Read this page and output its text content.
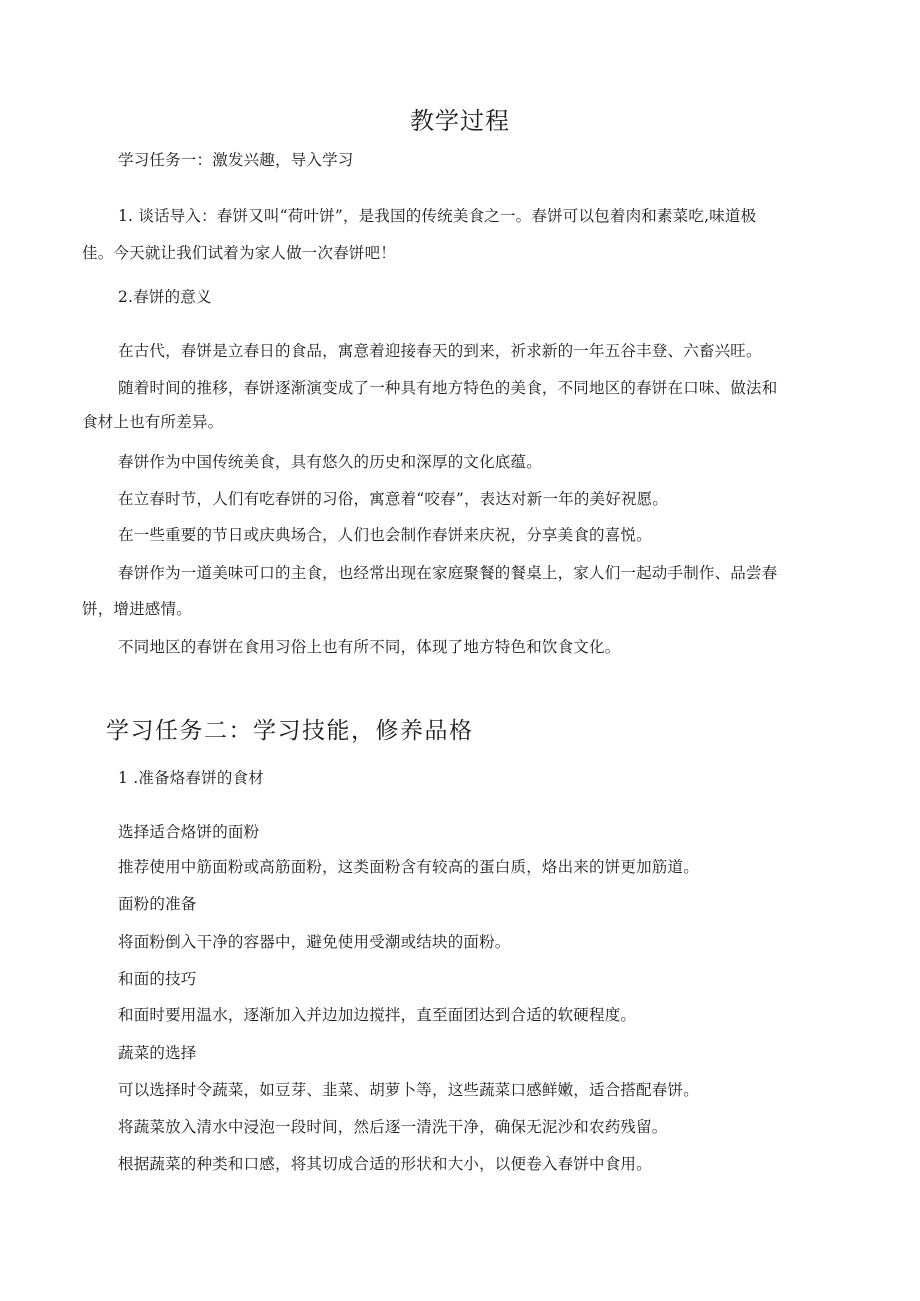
教学过程
学习任务一：激发兴趣，导入学习
1. 谈话导入：春饼又叫“荷叶饼”，是我国的传统美食之一。春饼可以包着肉和素菜吃,味道极
佳。今天就让我们试着为家人做一次春饼吧！
2.春饼的意义
在古代，春饼是立春日的食品，寓意着迎接春天的到来，祈求新的一年五谷丰登、六畜兴旺。
随着时间的推移，春饼逐渐演变成了一种具有地方特色的美食，不同地区的春饼在口味、做法和
食材上也有所差异。
春饼作为中国传统美食，具有悠久的历史和深厚的文化底蕴。
在立春时节，人们有吃春饼的习俗，寓意着“咬春”，表达对新一年的美好祝愿。
在一些重要的节日或庆典场合，人们也会制作春饼来庆祝，分享美食的喜悦。
春饼作为一道美味可口的主食，也经常出现在家庭聚餐的餐桌上，家人们一起动手制作、品尝春
饼，增进感情。
不同地区的春饼在食用习俗上也有所不同，体现了地方特色和饮食文化。
学习任务二：学习技能，修养品格
1 .准备烙春饼的食材
选择适合烙饼的面粉
推荐使用中筋面粉或高筋面粉，这类面粉含有较高的蛋白质，烙出来的饼更加筋道。
面粉的准备
将面粉倒入干净的容器中，避免使用受潮或结块的面粉。
和面的技巧
和面时要用温水，逐渐加入并边加边搅拌，直至面团达到合适的软硬程度。
蔬菜的选择
可以选择时令蔬菜，如豆芽、韭菜、胡萝卜等，这些蔬菜口感鲜嫩，适合搭配春饼。
将蔬菜放入清水中浸泡一段时间，然后逐一清洗干净，确保无泥沙和农药残留。
根据蔬菜的种类和口感，将其切成合适的形状和大小，以便卷入春饼中食用。
